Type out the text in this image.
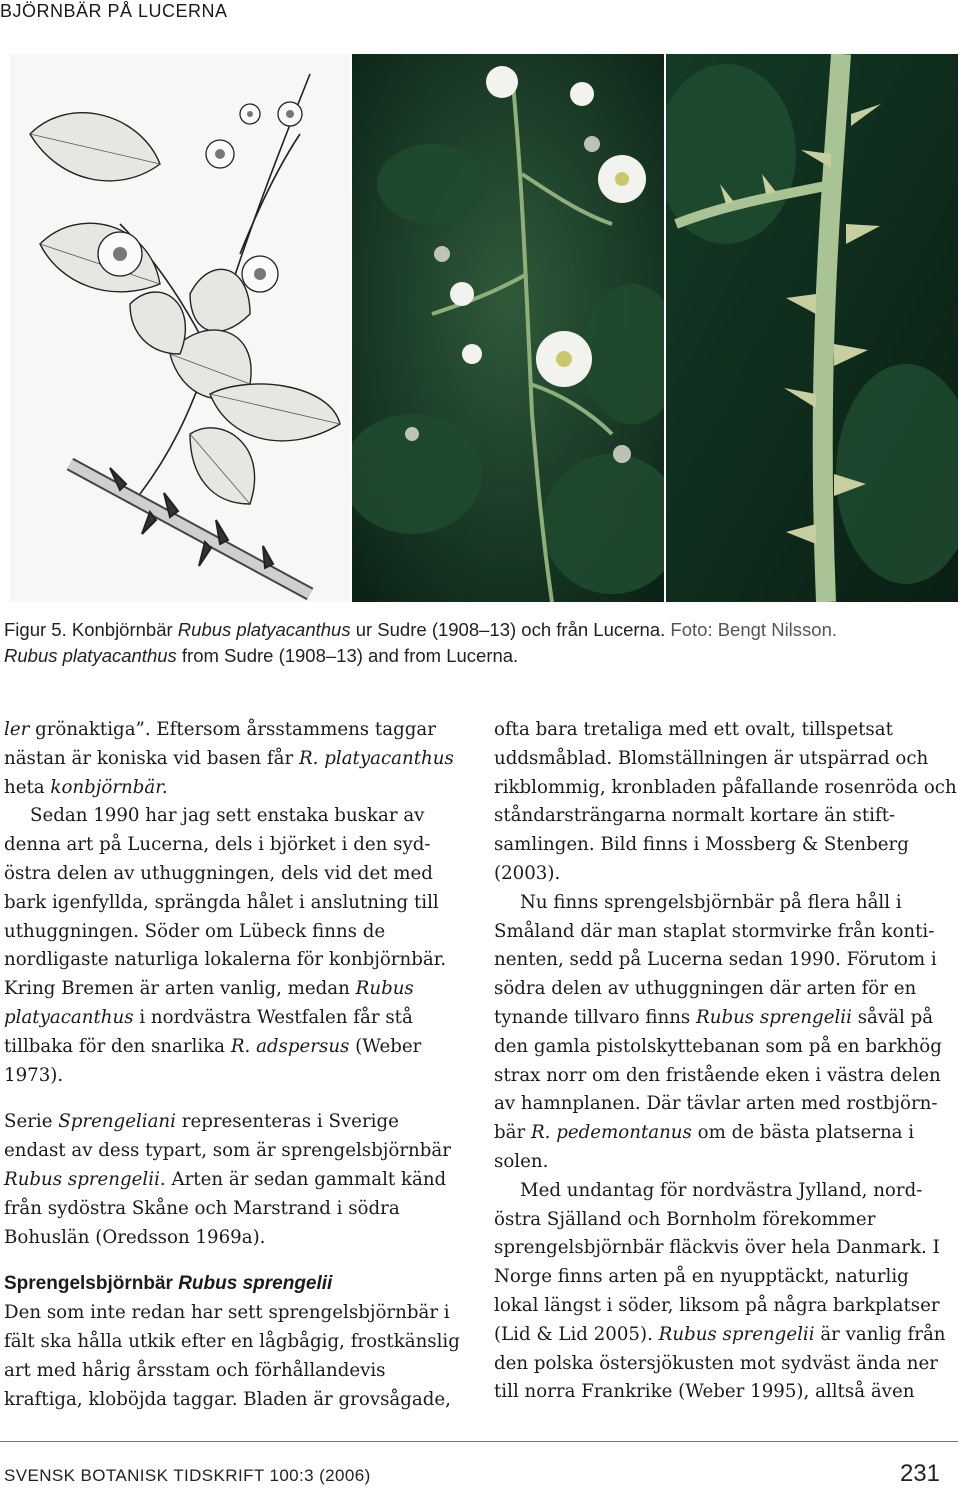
BJÖRNBÄR PÅ LUCERNA
Figur 5. Konbjörnbär Rubus platyacanthus ur Sudre (1908–13) och från Lucerna. Foto: Bengt Nilsson.
Rubus platyacanthus from Sudre (1908–13) and from Lucerna.

ler grönaktiga”. Eftersom årsstammens taggar nästan är koniska vid basen får R. platyacanthus heta konbjörnbär.

Sedan 1990 har jag sett enstaka buskar av denna art på Lucerna, dels i björket i den sydöstra delen av uthuggningen, dels vid det med bark igenfyllda, sprängda hålet i anslutning till uthuggningen. Söder om Lübeck finns de nordligaste naturliga lokalerna för konbjörnbär. Kring Bremen är arten vanlig, medan Rubus platyacanthus i nordvästra Westfalen får stå tillbaka för den snarlika R. adspersus (Weber 1973).

Serie Sprengeliani representeras i Sverige endast av dess typart, som är sprengelsbjörnbär Rubus sprengelii. Arten är sedan gammalt känd från sydöstra Skåne och Marstrand i södra Bohuslän (Oredsson 1969a).

Sprengelsbjörnbär Rubus sprengelii

Den som inte redan har sett sprengelsbjörnbär i fält ska hålla utkik efter en lågbågig, frostkänslig art med hårig årsstam och förhållandevis kraftiga, kloböjda taggar. Bladen är grovsågade,

ofta bara tretaliga med ett ovalt, tillspetsat uddsmåblad. Blomställningen är utspärrad och rikblommig, kronbladen påfallande rosenröda och ståndarsträngarna normalt kortare än stiftsamlingen. Bild finns i Mossberg & Stenberg (2003).

Nu finns sprengelsbjörnbär på flera håll i Småland där man staplat stormvirke från kontinenten, sedd på Lucerna sedan 1990. Förutom i södra delen av uthuggningen där arten för en tynande tillvaro finns Rubus sprengelii såväl på den gamla pistolskyttebanan som på en barkhög strax norr om den fristående eken i västra delen av hamnplanen. Där tävlar arten med rostbjörnbär R. pedemontanus om de bästa platserna i solen.

Med undantag för nordvästra Jylland, nordöstra Själland och Bornholm förekommer sprengelsbjörnbär fläckvis över hela Danmark. I Norge finns arten på en nyupptäckt, naturlig lokal längst i söder, liksom på några barkplatser (Lid & Lid 2005). Rubus sprengelii är vanlig från den polska östersjökusten mot sydväst ända ner till norra Frankrike (Weber 1995), alltså även

SVENSK BOTANISK TIDSKRIFT 100:3 (2006)	231
